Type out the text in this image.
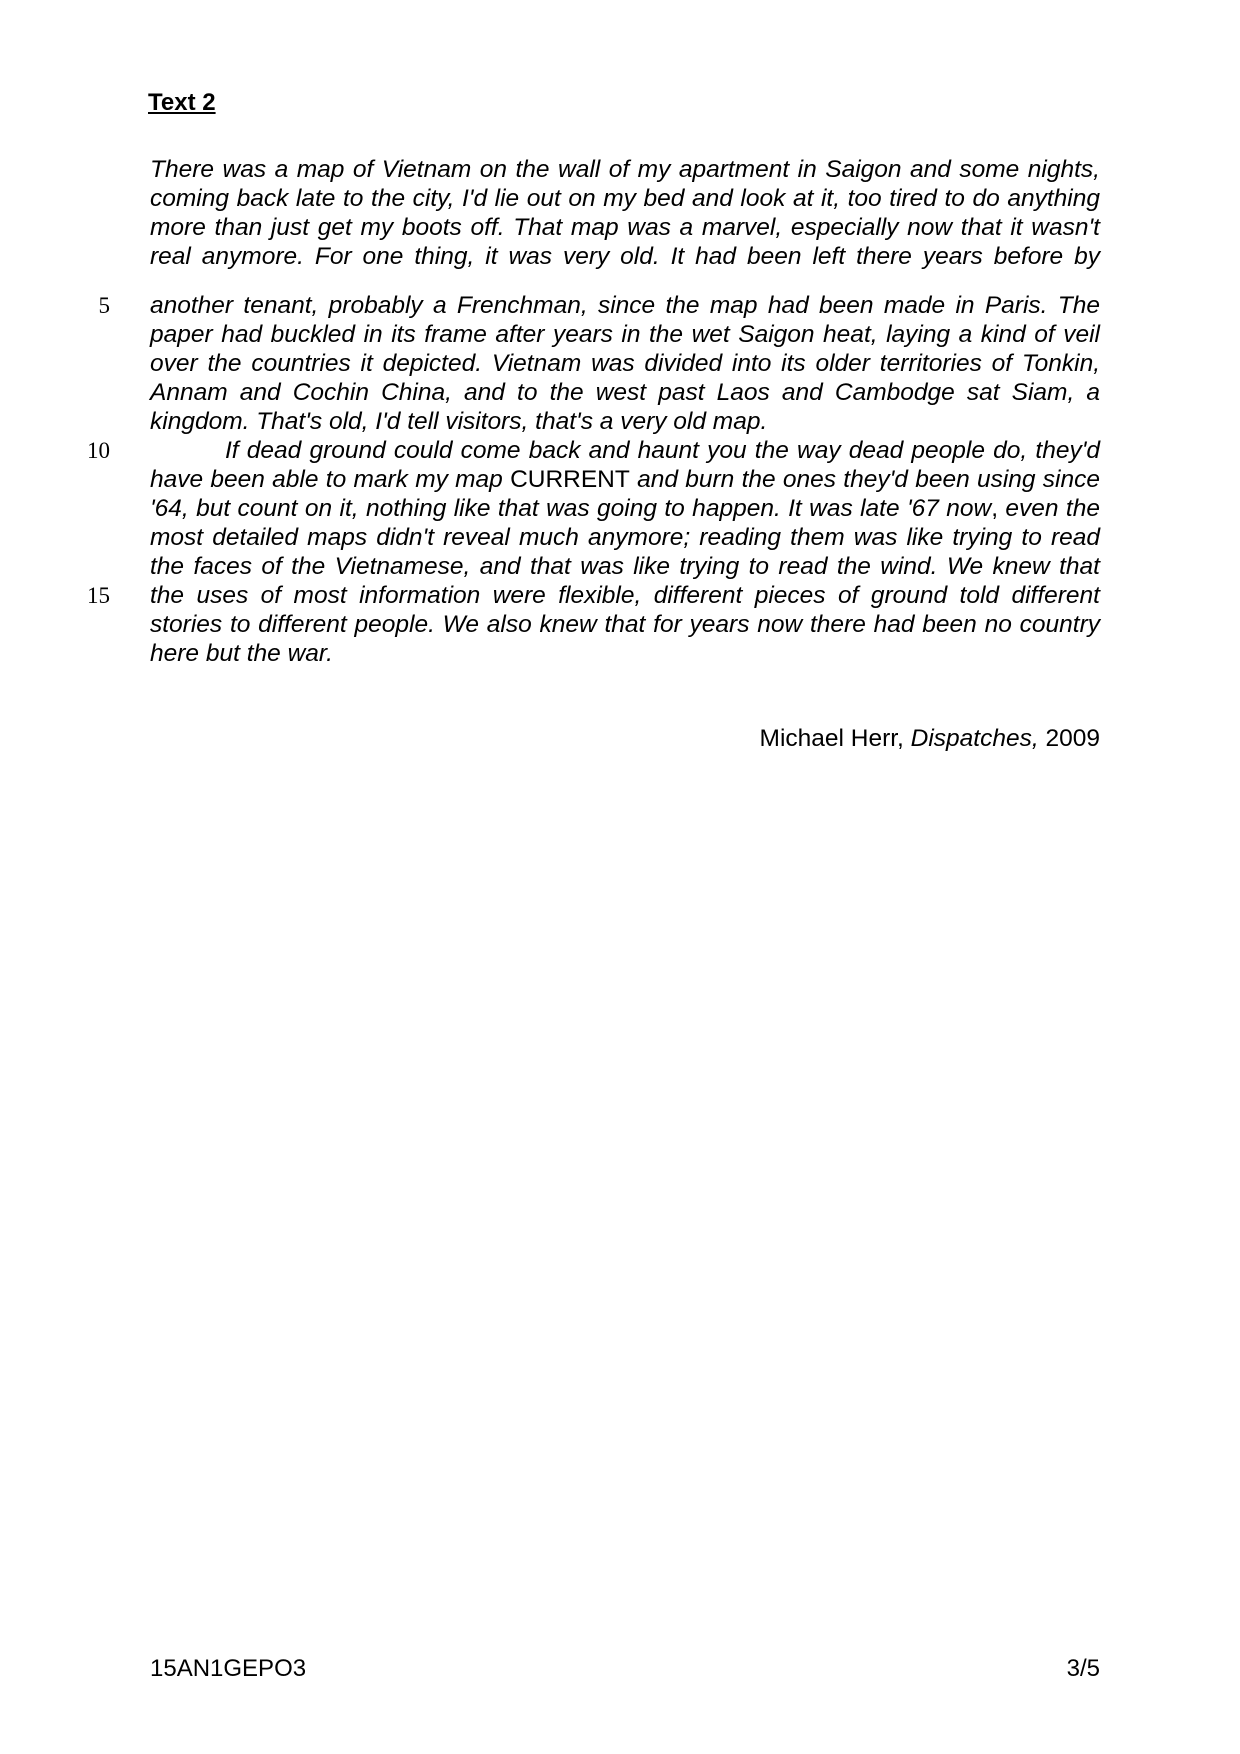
Text 2
There was a map of Vietnam on the wall of my apartment in Saigon and some nights,
coming back late to the city, I'd lie out on my bed and look at it, too tired to do anything
more than just get my boots off. That map was a marvel, especially now that it wasn't
real anymore. For one thing, it was very old. It had been left there years before by
another tenant, probably a Frenchman, since the map had been made in Paris. The
paper had buckled in its frame after years in the wet Saigon heat, laying a kind of veil
over the countries it depicted. Vietnam was divided into its older territories of Tonkin,
Annam and Cochin China, and to the west past Laos and Cambodge sat Siam, a
kingdom. That's old, I'd tell visitors, that's a very old map.
If dead ground could come back and haunt you the way dead people do, they'd
have been able to mark my map CURRENT and burn the ones they'd been using since
'64, but count on it, nothing like that was going to happen. It was late '67 now, even the
most detailed maps didn't reveal much anymore; reading them was like trying to read
the faces of the Vietnamese, and that was like trying to read the wind. We knew that
the uses of most information were flexible, different pieces of ground told different
stories to different people. We also knew that for years now there had been no country
here but the war.
5
10
15
Michael Herr, Dispatches, 2009
15AN1GEPO3	3/5
